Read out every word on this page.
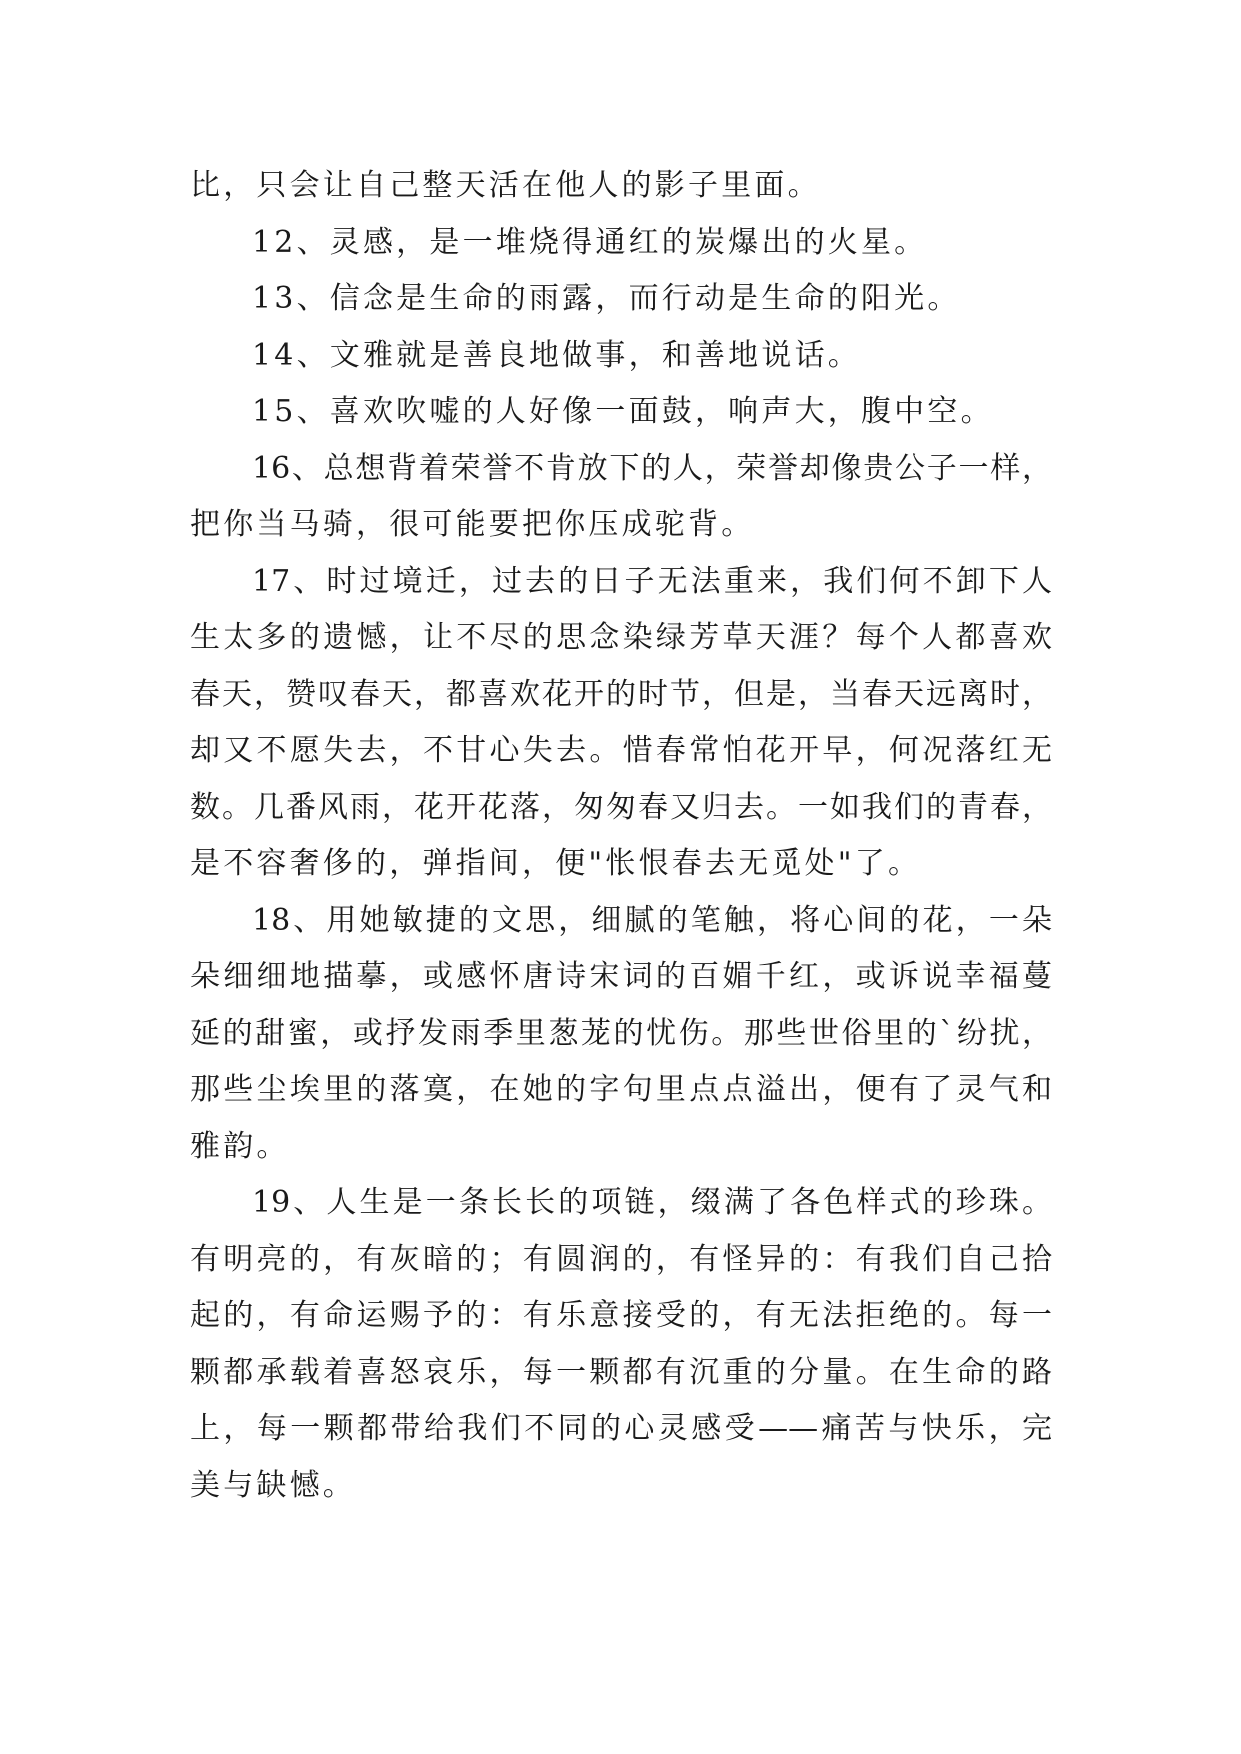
比，只会让自己整天活在他人的影子里面。
12、灵感，是一堆烧得通红的炭爆出的火星。
13、信念是生命的雨露，而行动是生命的阳光。
14、文雅就是善良地做事，和善地说话。
15、喜欢吹嘘的人好像一面鼓，响声大，腹中空。
16、总想背着荣誉不肯放下的人，荣誉却像贵公子一样，
把你当马骑，很可能要把你压成驼背。
17、时过境迁，过去的日子无法重来，我们何不卸下人
生太多的遗憾，让不尽的思念染绿芳草天涯？每个人都喜欢
春天，赞叹春天，都喜欢花开的时节，但是，当春天远离时，
却又不愿失去，不甘心失去。惜春常怕花开早，何况落红无
数。几番风雨，花开花落，匆匆春又归去。一如我们的青春，
是不容奢侈的，弹指间，便"怅恨春去无觅处"了。
18、用她敏捷的文思，细腻的笔触，将心间的花，一朵
朵细细地描摹，或感怀唐诗宋词的百媚千红，或诉说幸福蔓
延的甜蜜，或抒发雨季里葱茏的忧伤。那些世俗里的`纷扰，
那些尘埃里的落寞，在她的字句里点点溢出，便有了灵气和
雅韵。
19、人生是一条长长的项链，缀满了各色样式的珍珠。
有明亮的，有灰暗的；有圆润的，有怪异的：有我们自己拾
起的，有命运赐予的：有乐意接受的，有无法拒绝的。每一
颗都承载着喜怒哀乐，每一颗都有沉重的分量。在生命的路
上，每一颗都带给我们不同的心灵感受——痛苦与快乐，完
美与缺憾。
